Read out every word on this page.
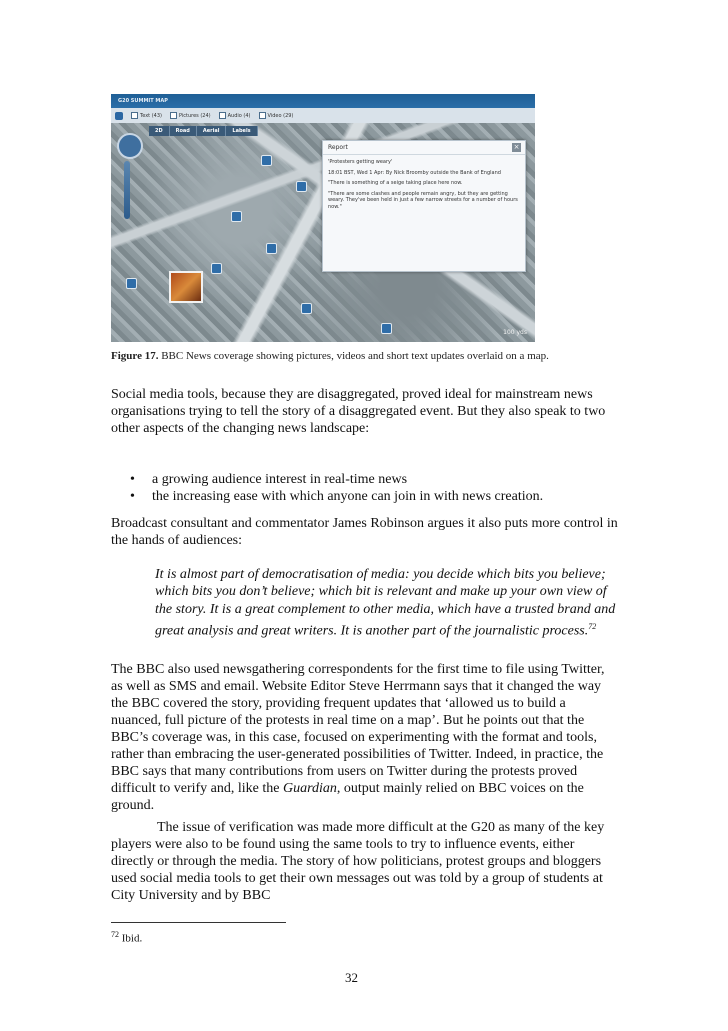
G20 SUMMIT MAP
Text (43)	Pictures (24)	Audio (4)	Video (29)
2D	Road	Aerial	Labels
100 yds
Report	×

'Protesters getting weary'

18:01 BST, Wed 1 Apr: By Nick Broomby outside the Bank of England

"There is something of a seige taking place here now.

"There are some clashes and people remain angry, but they are getting weary. They've been held in just a few narrow streets for a number of hours now."

Figure 17. BBC News coverage showing pictures, videos and short text updates overlaid on a map.

Social media tools, because they are disaggregated, proved ideal for mainstream news organisations trying to tell the story of a disaggregated event. But they also speak to two other aspects of the changing news landscape:

•	a growing audience interest in real-time news
•	the increasing ease with which anyone can join in with news creation.

Broadcast consultant and commentator James Robinson argues it also puts more control in the hands of audiences:

It is almost part of democratisation of media: you decide which bits you believe; which bits you don’t believe; which bit is relevant and make up your own view of the story. It is a great complement to other media, which have a trusted brand and great analysis and great writers. It is another part of the journalistic process.$^{72}$

The BBC also used newsgathering correspondents for the first time to file using Twitter, as well as SMS and email. Website Editor Steve Herrmann says that it changed the way the BBC covered the story, providing frequent updates that ‘allowed us to build a nuanced, full picture of the protests in real time on a map’. But he points out that the BBC’s coverage was, in this case, focused on experimenting with the format and tools, rather than embracing the user-generated possibilities of Twitter. Indeed, in practice, the BBC says that many contributions from users on Twitter during the protests proved difficult to verify and, like the Guardian, output mainly relied on BBC voices on the ground.

The issue of verification was made more difficult at the G20 as many of the key players were also to be found using the same tools to try to influence events, either directly or through the media. The story of how politicians, protest groups and bloggers used social media tools to get their own messages out was told by a group of students at City University and by BBC

$^{72}$ Ibid.

32
